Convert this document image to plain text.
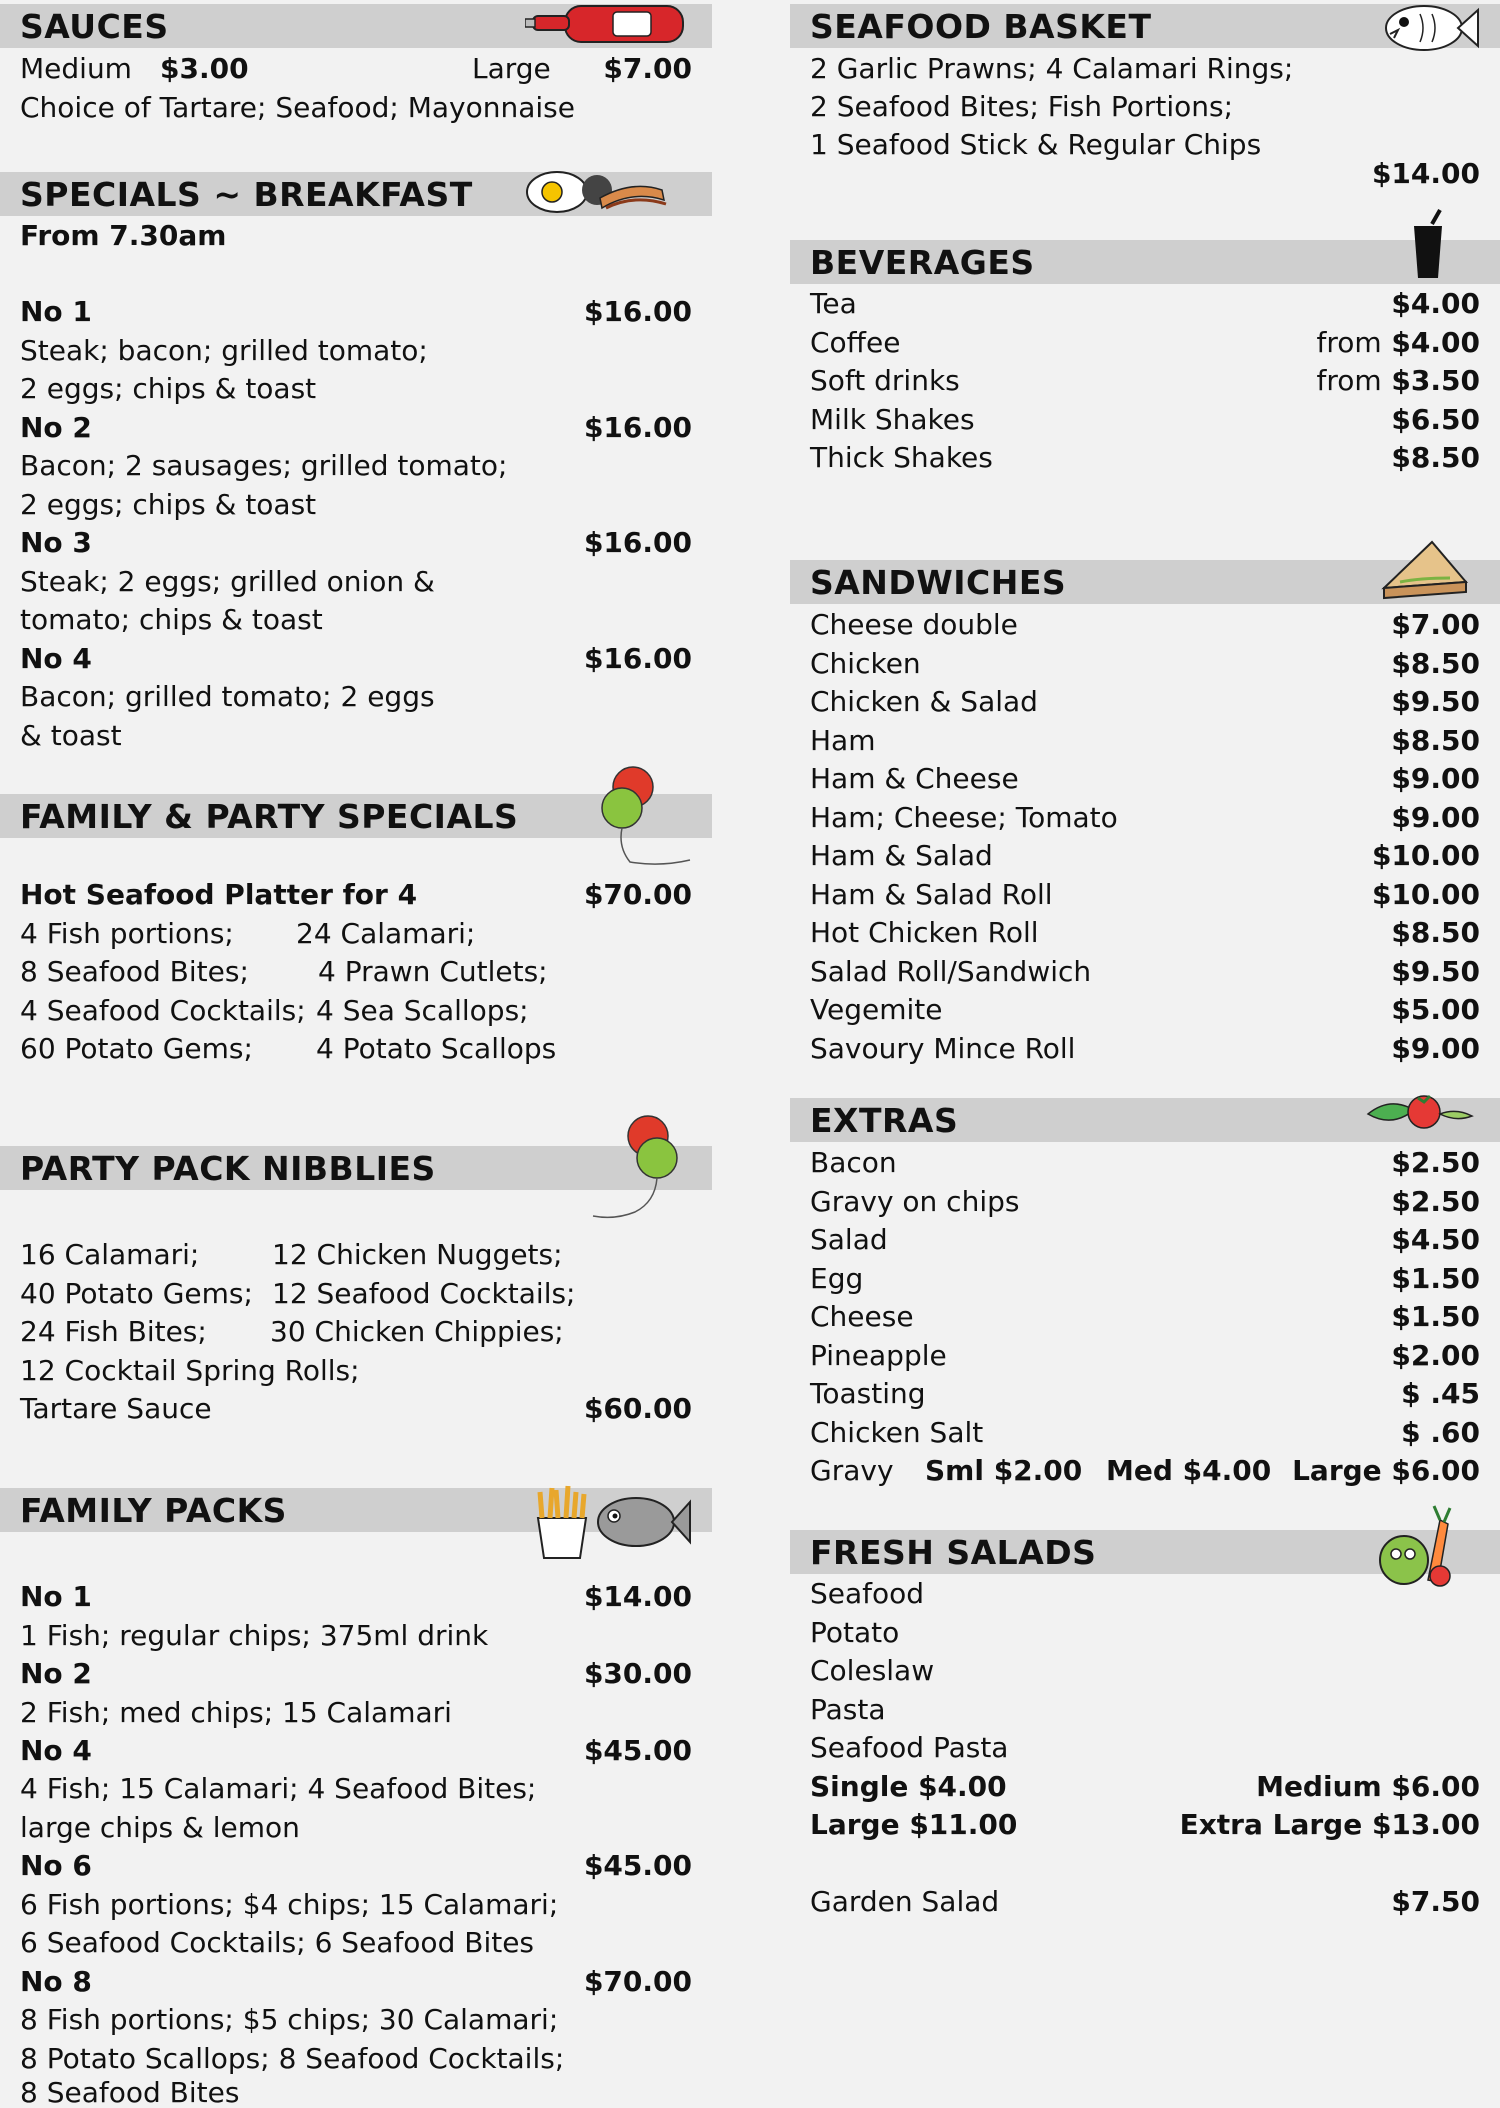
SAUCES
Medium $3.00	Large $7.00
Choice of Tartare; Seafood; Mayonnaise
SPECIALS ~ BREAKFAST
From 7.30am
No 1	$16.00
Steak; bacon; grilled tomato;
2 eggs; chips & toast
No 2	$16.00
Bacon; 2 sausages; grilled tomato;
2 eggs; chips & toast
No 3	$16.00
Steak; 2 eggs; grilled onion &
tomato; chips & toast
No 4	$16.00
Bacon; grilled tomato; 2 eggs
& toast
FAMILY & PARTY SPECIALS
Hot Seafood Platter for 4	$70.00
4 Fish portions; 24 Calamari;
8 Seafood Bites; 4 Prawn Cutlets;
4 Seafood Cocktails; 4 Sea Scallops;
60 Potato Gems; 4 Potato Scallops
PARTY PACK NIBBLIES
16 Calamari;	12 Chicken Nuggets;
40 Potato Gems; 12 Seafood Cocktails;
24 Fish Bites; 30 Chicken Chippies;
12 Cocktail Spring Rolls;
Tartare Sauce	$60.00
FAMILY PACKS
No 1	$14.00
1 Fish; regular chips; 375ml drink
No 2	$30.00
2 Fish; med chips; 15 Calamari
No 4	$45.00
4 Fish; 15 Calamari; 4 Seafood Bites;
large chips & lemon
No 6	$45.00
6 Fish portions; $4 chips; 15 Calamari;
6 Seafood Cocktails; 6 Seafood Bites
No 8	$70.00
8 Fish portions; $5 chips; 30 Calamari;
8 Potato Scallops; 8 Seafood Cocktails;
8 Seafood Bites
SEAFOOD BASKET
2 Garlic Prawns; 4 Calamari Rings;
2 Seafood Bites; Fish Portions;
1 Seafood Stick & Regular Chips
$14.00
BEVERAGES
Tea	$4.00
Coffee	from $4.00
Soft drinks	from $3.50
Milk Shakes	$6.50
Thick Shakes	$8.50
SANDWICHES
Cheese double	$7.00
Chicken	$8.50
Chicken & Salad	$9.50
Ham	$8.50
Ham & Cheese	$9.00
Ham; Cheese; Tomato	$9.00
Ham & Salad	$10.00
Ham & Salad Roll	$10.00
Hot Chicken Roll	$8.50
Salad Roll/Sandwich	$9.50
Vegemite	$5.00
Savoury Mince Roll	$9.00
EXTRAS
Bacon	$2.50
Gravy on chips	$2.50
Salad	$4.50
Egg	$1.50
Cheese	$1.50
Pineapple	$2.00
Toasting	$ .45
Chicken Salt	$ .60
Gravy Sml $2.00 Med $4.00 Large $6.00
FRESH SALADS
Seafood
Potato
Coleslaw
Pasta
Seafood Pasta
Single $4.00	Medium $6.00
Large $11.00	Extra Large $13.00
Garden Salad	$7.50
